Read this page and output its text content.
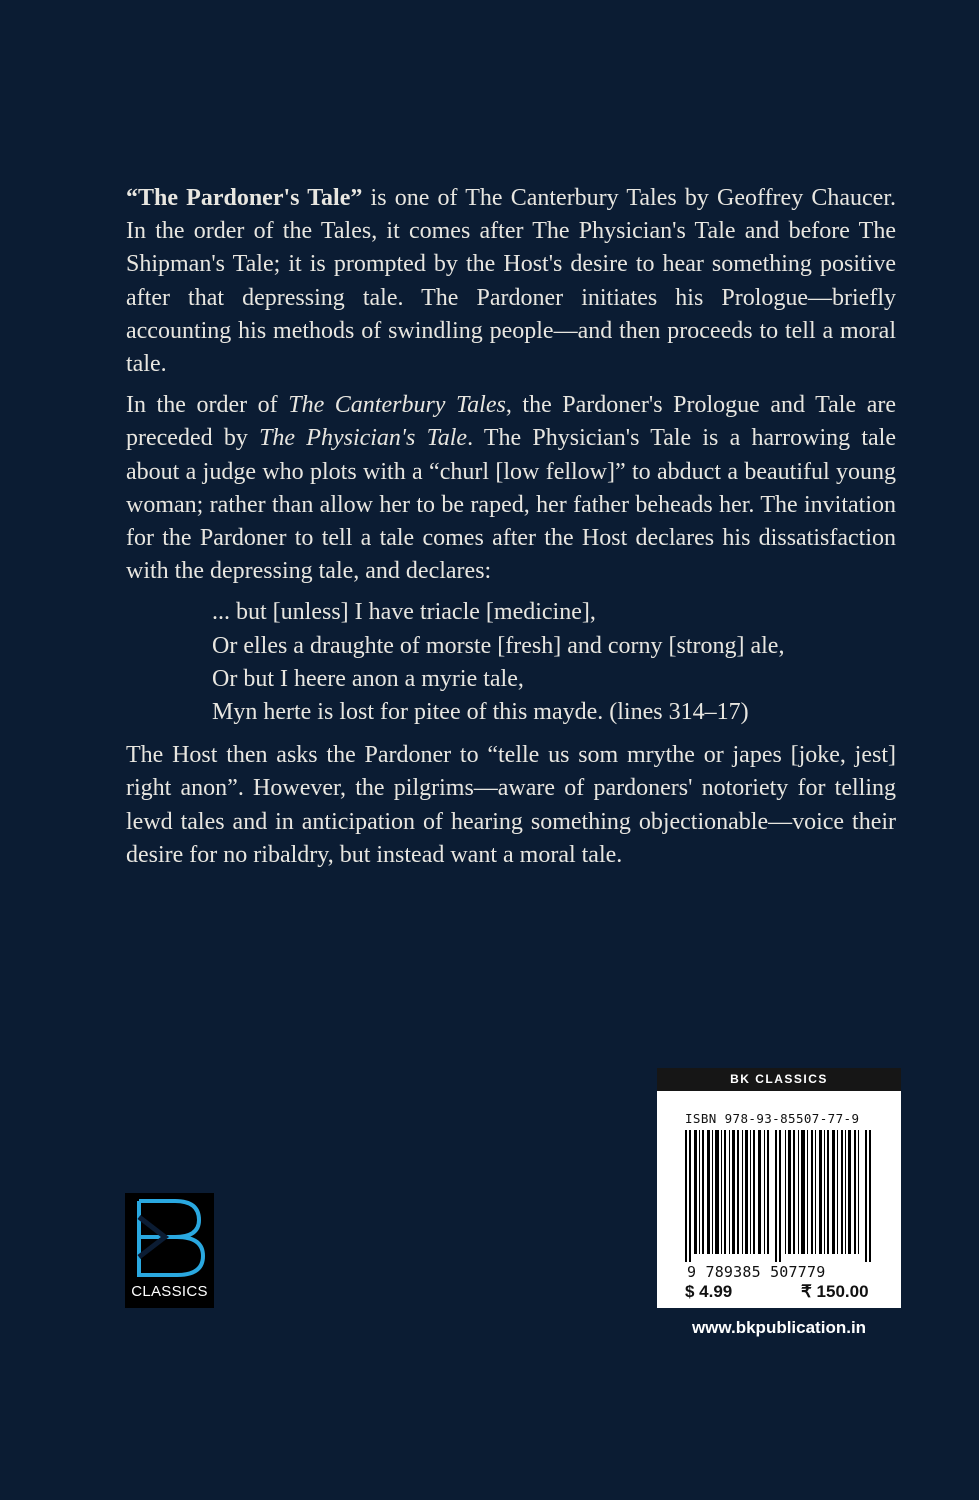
“The Pardoner's Tale” is one of The Canterbury Tales by Geoffrey Chaucer. In the order of the Tales, it comes after The Physician's Tale and before The Shipman's Tale; it is prompted by the Host's desire to hear something positive after that depressing tale. The Pardoner initiates his Prologue—briefly accounting his methods of swindling people—and then proceeds to tell a moral tale.

In the order of The Canterbury Tales, the Pardoner's Prologue and Tale are preceded by The Physician's Tale. The Physician's Tale is a harrowing tale about a judge who plots with a “churl [low fellow]” to abduct a beautiful young woman; rather than allow her to be raped, her father beheads her. The invitation for the Pardoner to tell a tale comes after the Host declares his dissatisfaction with the depressing tale, and declares:

... but [unless] I have triacle [medicine],
Or elles a draughte of morste [fresh] and corny [strong] ale,
Or but I heere anon a myrie tale,
Myn herte is lost for pitee of this mayde. (lines 314–17)

The Host then asks the Pardoner to “telle us som mrythe or japes [joke, jest] right anon”. However, the pilgrims—aware of pardoners' notoriety for telling lewd tales and in anticipation of hearing something objectionable—voice their desire for no ribaldry, but instead want a moral tale.

CLASSICS
BK CLASSICS
ISBN 978-93-85507-77-9
9 789385 507779
$ 4.99	₹ 150.00
www.bkpublication.in
